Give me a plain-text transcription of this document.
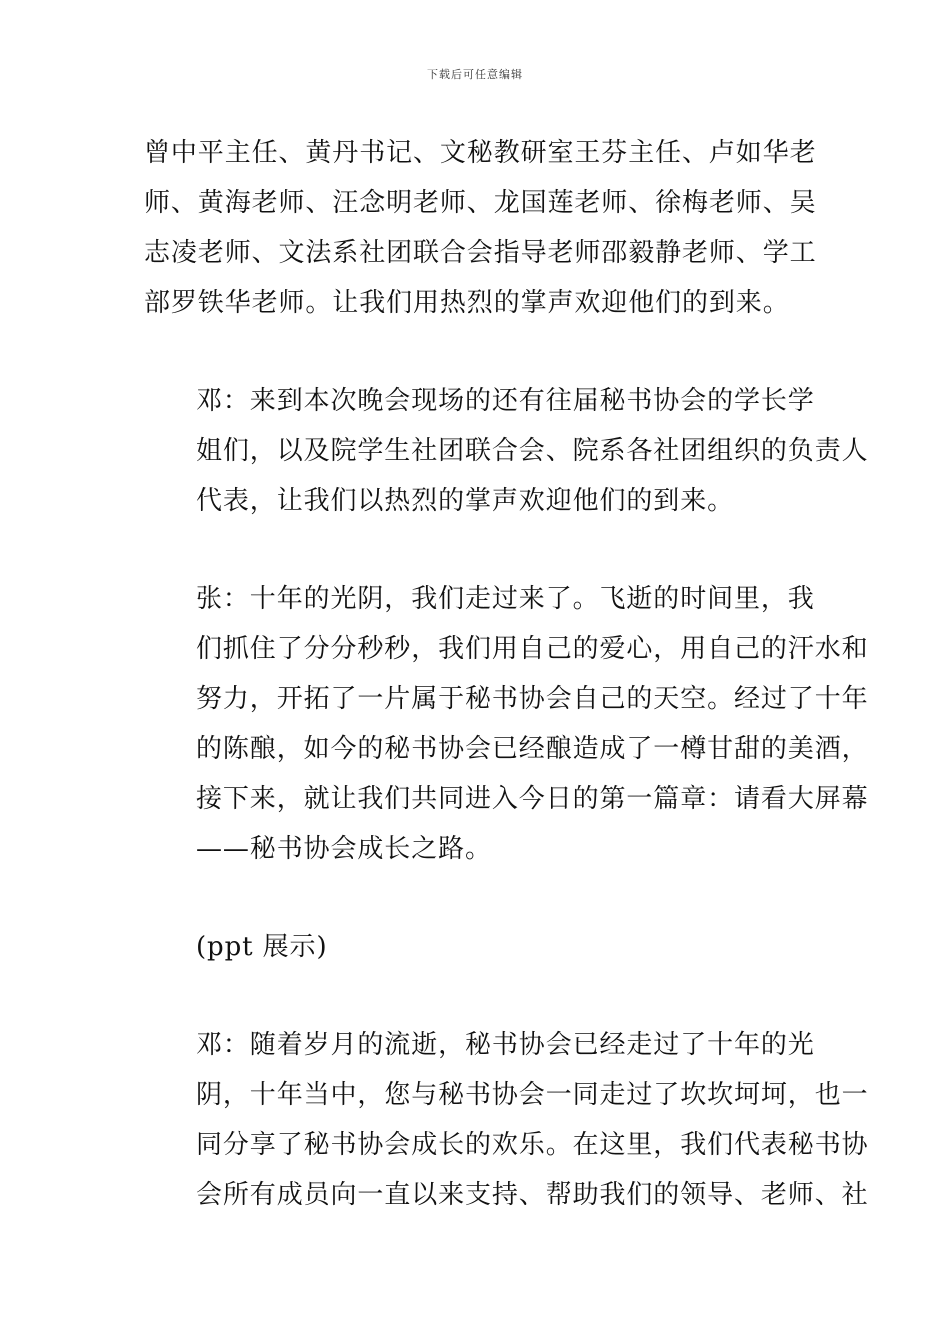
下载后可任意编辑

曾中平主任、黄丹书记、文秘教研室王芬主任、卢如华老
师、黄海老师、汪念明老师、龙国莲老师、徐梅老师、吴
志凌老师、文法系社团联合会指导老师邵毅静老师、学工
部罗铁华老师。让我们用热烈的掌声欢迎他们的到来。

邓：来到本次晚会现场的还有往届秘书协会的学长学
姐们，以及院学生社团联合会、院系各社团组织的负责人
代表，让我们以热烈的掌声欢迎他们的到来。

张：十年的光阴，我们走过来了。飞逝的时间里，我
们抓住了分分秒秒，我们用自己的爱心，用自己的汗水和
努力，开拓了一片属于秘书协会自己的天空。经过了十年
的陈酿，如今的秘书协会已经酿造成了一樽甘甜的美酒，
接下来，就让我们共同进入今日的第一篇章：请看大屏幕
——秘书协会成长之路。

(ppt 展示)

邓：随着岁月的流逝，秘书协会已经走过了十年的光
阴，十年当中，您与秘书协会一同走过了坎坎坷坷，也一
同分享了秘书协会成长的欢乐。在这里，我们代表秘书协
会所有成员向一直以来支持、帮助我们的领导、老师、社
